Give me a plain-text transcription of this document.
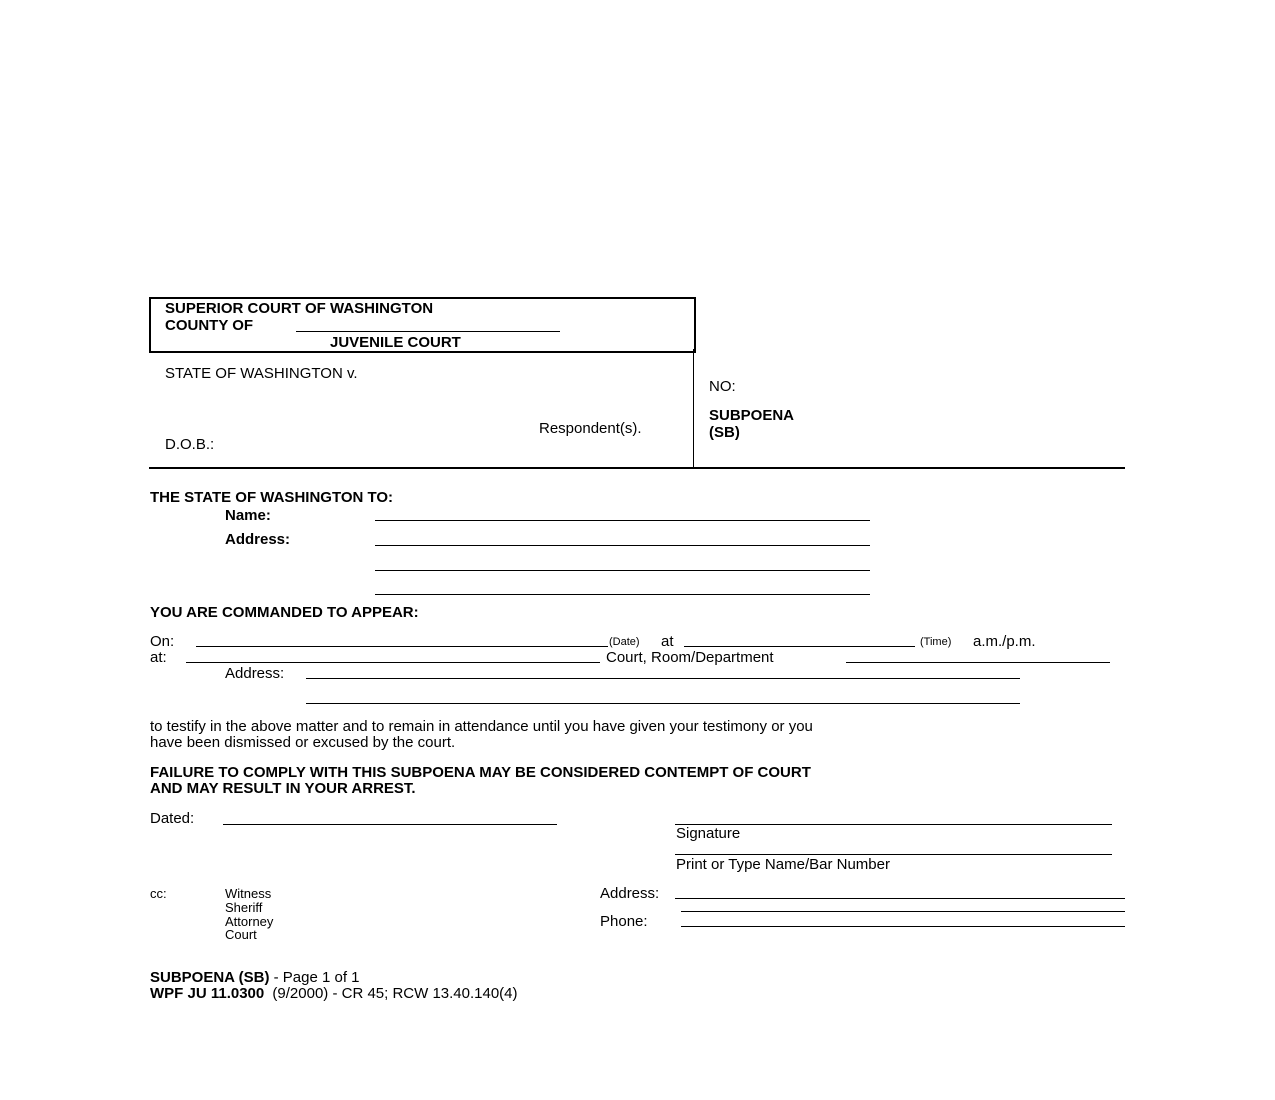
SUPERIOR COURT OF WASHINGTON
COUNTY OF
JUVENILE COURT
STATE OF WASHINGTON v.
Respondent(s).
D.O.B.:
NO:
SUBPOENA
(SB)
THE STATE OF WASHINGTON TO:
Name:
Address:
YOU ARE COMMANDED TO APPEAR:
On:	(Date) at	(Time) a.m./p.m.
at:	Court, Room/Department
Address:
to testify in the above matter and to remain in attendance until you have given your testimony or you
have been dismissed or excused by the court.
FAILURE TO COMPLY WITH THIS SUBPOENA MAY BE CONSIDERED CONTEMPT OF COURT
AND MAY RESULT IN YOUR ARREST.
Dated:
Signature
Print or Type Name/Bar Number
Address:
Phone:
cc:	Witness
Sheriff
Attorney
Court
SUBPOENA (SB) - Page 1 of 1
WPF JU 11.0300 (9/2000) - CR 45; RCW 13.40.140(4)
